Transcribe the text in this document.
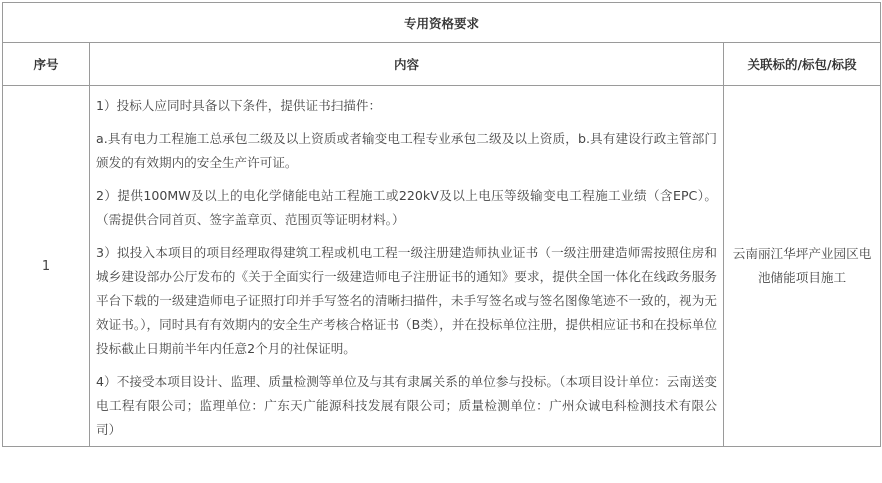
专用资格要求		
序号	内容	关联标的/标包/标段
1	1）投标人应同时具备以下条件，提供证书扫描件：

a.具有电力工程施工总承包二级及以上资质或者输变电工程专业承包二级及以上资质，b.具有建设行政主管部门颁发的有效期内的安全生产许可证。

2）提供100MW及以上的电化学储能电站工程施工或220kV及以上电压等级输变电工程施工业绩（含EPC）。（需提供合同首页、签字盖章页、范围页等证明材料。）

3）拟投入本项目的项目经理取得建筑工程或机电工程一级注册建造师执业证书（一级注册建造师需按照住房和城乡建设部办公厅发布的《关于全面实行一级建造师电子注册证书的通知》要求，提供全国一体化在线政务服务平台下载的一级建造师电子证照打印并手写签名的清晰扫描件，未手写签名或与签名图像笔迹不一致的，视为无效证书。），同时具有有效期内的安全生产考核合格证书（B类），并在投标单位注册，提供相应证书和在投标单位投标截止日期前半年内任意2个月的社保证明。

4）不接受本项目设计、监理、质量检测等单位及与其有隶属关系的单位参与投标。（本项目设计单位：云南送变电工程有限公司；监理单位：广东天广能源科技发展有限公司；质量检测单位：广州众诚电科检测技术有限公司）	云南丽江华坪产业园区电池储能项目施工
